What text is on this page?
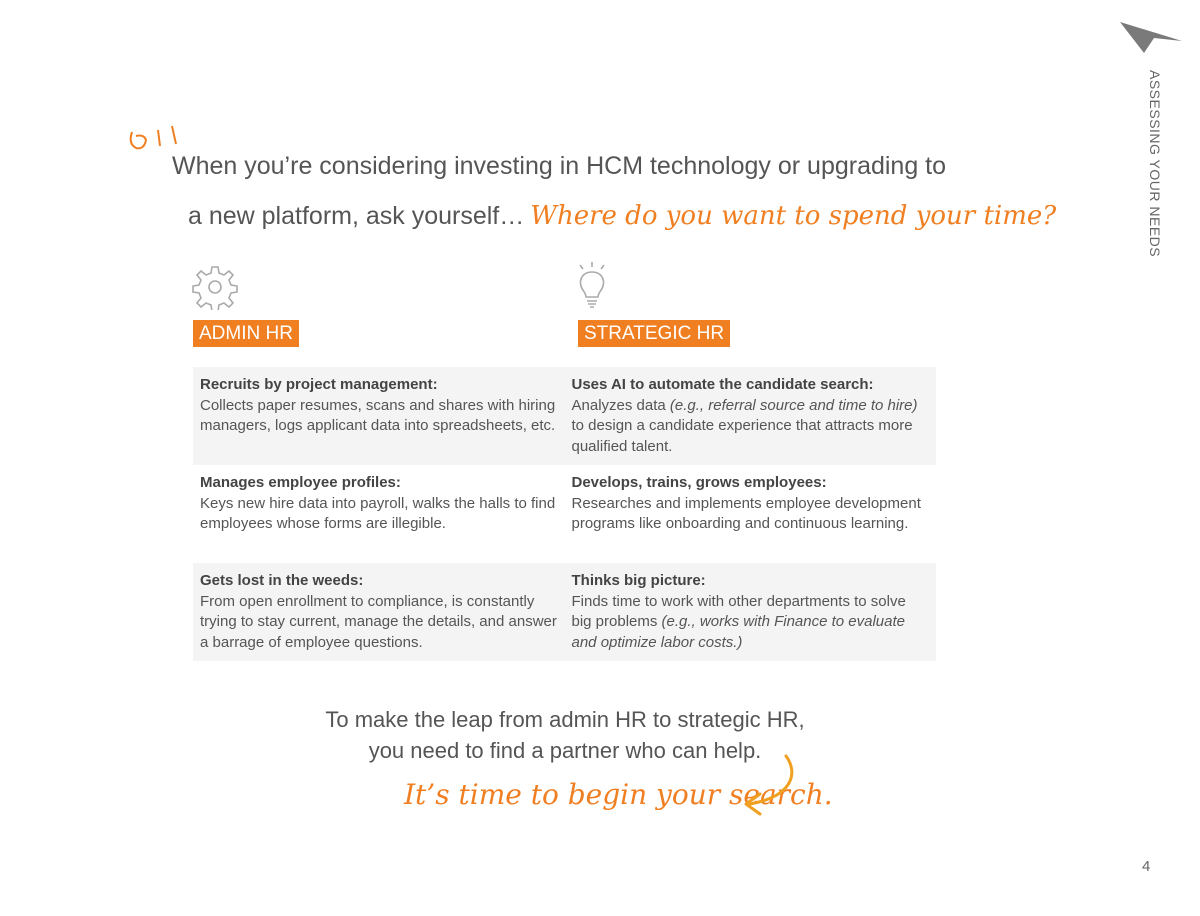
ASSESSING YOUR NEEDS
When you’re considering investing in HCM technology or upgrading to
a new platform, ask yourself… Where do you want to spend your time?
ADMIN HR	STRATEGIC HR
Recruits by project management:
Collects paper resumes, scans and shares with hiring managers, logs applicant data into spreadsheets, etc.
Uses AI to automate the candidate search:
Analyzes data (e.g., referral source and time to hire) to design a candidate experience that attracts more qualified talent.
Manages employee profiles:
Keys new hire data into payroll, walks the halls to find employees whose forms are illegible.
Develops, trains, grows employees:
Researches and implements employee development programs like onboarding and continuous learning.
Gets lost in the weeds:
From open enrollment to compliance, is constantly trying to stay current, manage the details, and answer a barrage of employee questions.
Thinks big picture:
Finds time to work with other departments to solve big problems (e.g., works with Finance to evaluate and optimize labor costs.)
To make the leap from admin HR to strategic HR,
you need to find a partner who can help.
It’s time to begin your search.
4
